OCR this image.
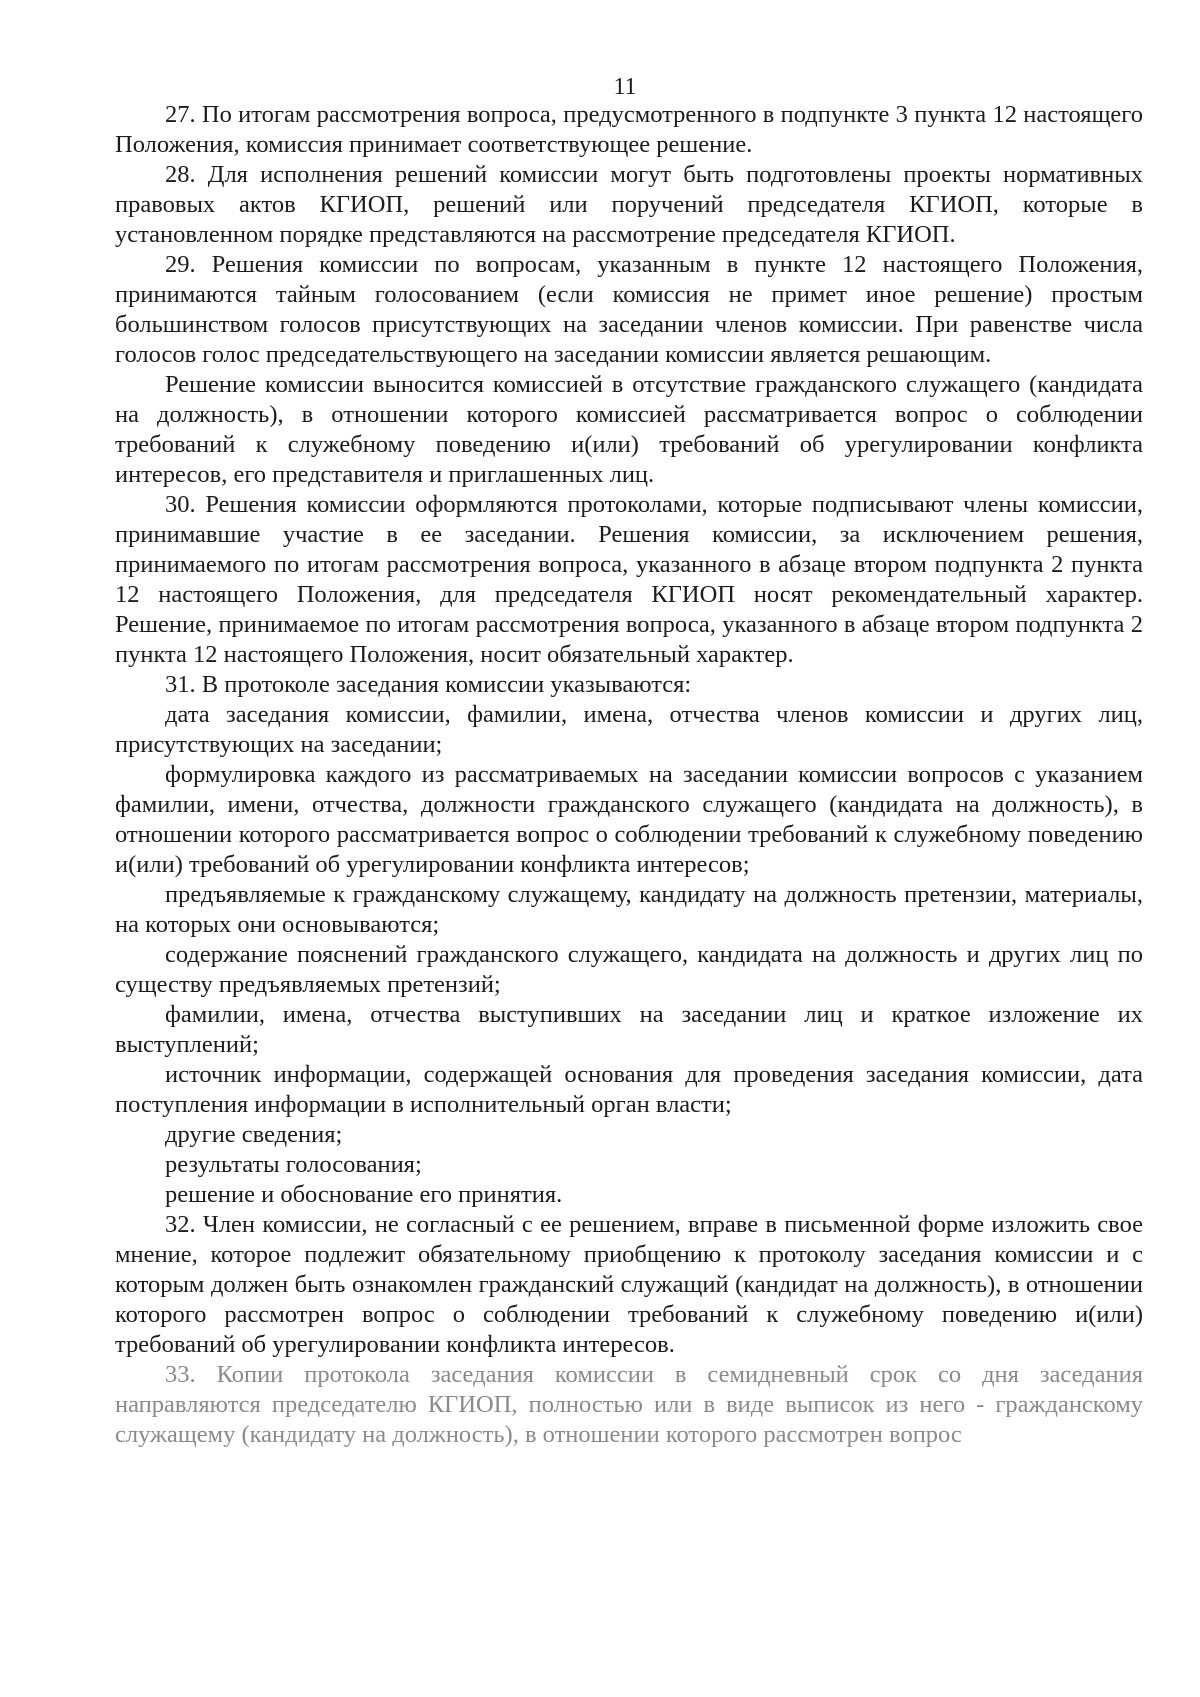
11

27. По итогам рассмотрения вопроса, предусмотренного в подпункте 3 пункта 12 настоящего Положения, комиссия принимает соответствующее решение.

28. Для исполнения решений комиссии могут быть подготовлены проекты нормативных правовых актов КГИОП, решений или поручений председателя КГИОП, которые в установленном порядке представляются на рассмотрение председателя КГИОП.

29. Решения комиссии по вопросам, указанным в пункте 12 настоящего Положения, принимаются тайным голосованием (если комиссия не примет иное решение) простым большинством голосов присутствующих на заседании членов комиссии. При равенстве числа голосов голос председательствующего на заседании комиссии является решающим.

Решение комиссии выносится комиссией в отсутствие гражданского служащего (кандидата на должность), в отношении которого комиссией рассматривается вопрос о соблюдении требований к служебному поведению и(или) требований об урегулировании конфликта интересов, его представителя и приглашенных лиц.

30. Решения комиссии оформляются протоколами, которые подписывают члены комиссии, принимавшие участие в ее заседании. Решения комиссии, за исключением решения, принимаемого по итогам рассмотрения вопроса, указанного в абзаце втором подпункта 2 пункта 12 настоящего Положения, для председателя КГИОП носят рекомендательный характер. Решение, принимаемое по итогам рассмотрения вопроса, указанного в абзаце втором подпункта 2 пункта 12 настоящего Положения, носит обязательный характер.

31. В протоколе заседания комиссии указываются:

дата заседания комиссии, фамилии, имена, отчества членов комиссии и других лиц, присутствующих на заседании;

формулировка каждого из рассматриваемых на заседании комиссии вопросов с указанием фамилии, имени, отчества, должности гражданского служащего (кандидата на должность), в отношении которого рассматривается вопрос о соблюдении требований к служебному поведению и(или) требований об урегулировании конфликта интересов;

предъявляемые к гражданскому служащему, кандидату на должность претензии, материалы, на которых они основываются;

содержание пояснений гражданского служащего, кандидата на должность и других лиц по существу предъявляемых претензий;

фамилии, имена, отчества выступивших на заседании лиц и краткое изложение их выступлений;

источник информации, содержащей основания для проведения заседания комиссии, дата поступления информации в исполнительный орган власти;

другие сведения;

результаты голосования;

решение и обоснование его принятия.

32. Член комиссии, не согласный с ее решением, вправе в письменной форме изложить свое мнение, которое подлежит обязательному приобщению к протоколу заседания комиссии и с которым должен быть ознакомлен гражданский служащий (кандидат на должность), в отношении которого рассмотрен вопрос о соблюдении требований к служебному поведению и(или) требований об урегулировании конфликта интересов.

33. Копии протокола заседания комиссии в семидневный срок со дня заседания направляются председателю КГИОП, полностью или в виде выписок из него - гражданскому служащему (кандидату на должность), в отношении которого рассмотрен вопрос
